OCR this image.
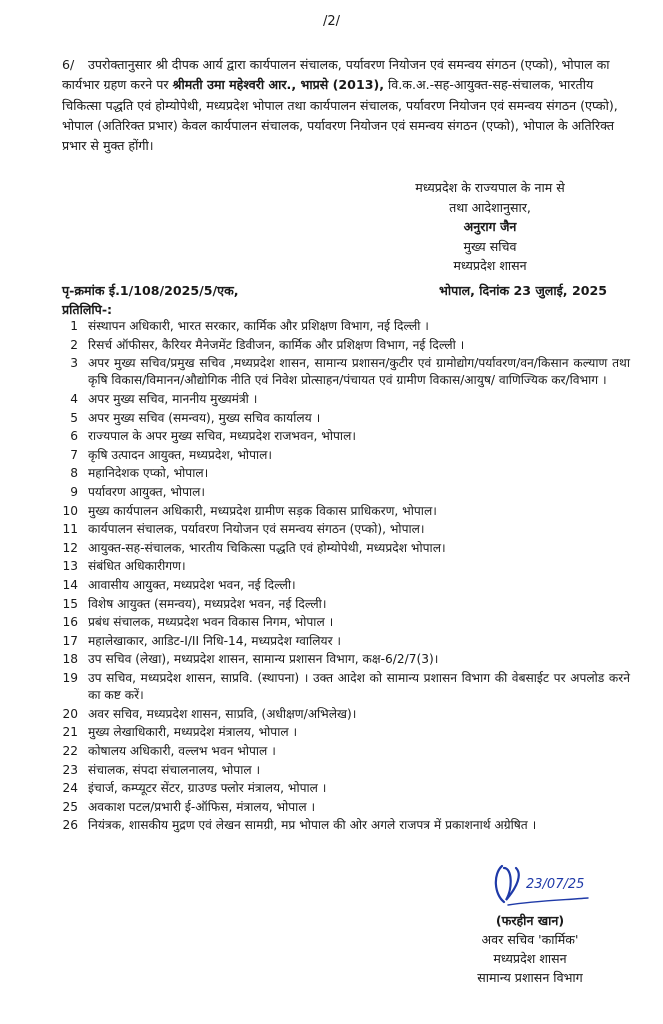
/2/
6/ उपरोक्तानुसार श्री दीपक आर्य द्वारा कार्यपालन संचालक, पर्यावरण नियोजन एवं समन्वय संगठन (एप्को), भोपाल का कार्यभार ग्रहण करने पर श्रीमती उमा महेश्वरी आर., भाप्रसे (2013), वि.क.अ.-सह-आयुक्त-सह-संचालक, भारतीय चिकित्सा पद्धति एवं होम्योपेथी, मध्यप्रदेश भोपाल तथा कार्यपालन संचालक, पर्यावरण नियोजन एवं समन्वय संगठन (एप्को), भोपाल (अतिरिक्त प्रभार) केवल कार्यपालन संचालक, पर्यावरण नियोजन एवं समन्वय संगठन (एप्को), भोपाल के अतिरिक्त प्रभार से मुक्त होंगी।
मध्यप्रदेश के राज्यपाल के नाम से
तथा आदेशानुसार,
अनुराग जैन
मुख्य सचिव
मध्यप्रदेश शासन
पृ-क्रमांक ई.1/108/2025/5/एक,	भोपाल, दिनांक 23 जुलाई, 2025
प्रतिलिपि-:
1 संस्थापन अधिकारी, भारत सरकार, कार्मिक और प्रशिक्षण विभाग, नई दिल्ली ।
2 रिसर्च ऑफीसर, कैरियर मैनेजमेंट डिवीजन, कार्मिक और प्रशिक्षण विभाग, नई दिल्ली ।
3 अपर मुख्य सचिव/प्रमुख सचिव ,मध्यप्रदेश शासन, सामान्य प्रशासन/कुटीर एवं ग्रामोद्योग/पर्यावरण/वन/किसान कल्याण तथा कृषि विकास/विमानन/औद्योगिक नीति एवं निवेश प्रोत्साहन/पंचायत एवं ग्रामीण विकास/आयुष/ वाणिज्यिक कर/विभाग ।
4 अपर मुख्य सचिव, माननीय मुख्यमंत्री ।
5 अपर मुख्य सचिव (समन्वय), मुख्य सचिव कार्यालय ।
6 राज्यपाल के अपर मुख्य सचिव, मध्यप्रदेश राजभवन, भोपाल।
7 कृषि उत्पादन आयुक्त, मध्यप्रदेश, भोपाल।
8 महानिदेशक एप्को, भोपाल।
9 पर्यावरण आयुक्त, भोपाल।
10 मुख्य कार्यपालन अधिकारी, मध्यप्रदेश ग्रामीण सड़क विकास प्राधिकरण, भोपाल।
11 कार्यपालन संचालक, पर्यावरण नियोजन एवं समन्वय संगठन (एप्को), भोपाल।
12 आयुक्त-सह-संचालक, भारतीय चिकित्सा पद्धति एवं होम्योपेथी, मध्यप्रदेश भोपाल।
13 संबंधित अधिकारीगण।
14 आवासीय आयुक्त, मध्यप्रदेश भवन, नई दिल्ली।
15 विशेष आयुक्त (समन्वय), मध्यप्रदेश भवन, नई दिल्ली।
16 प्रबंध संचालक, मध्यप्रदेश भवन विकास निगम, भोपाल ।
17 महालेखाकार, आडिट-I/II निधि-14, मध्यप्रदेश ग्वालियर ।
18 उप सचिव (लेखा), मध्यप्रदेश शासन, सामान्य प्रशासन विभाग, कक्ष-6/2/7(3)।
19 उप सचिव, मध्यप्रदेश शासन, साप्रवि. (स्थापना) । उक्त आदेश को सामान्य प्रशासन विभाग की वेबसाईट पर अपलोड करने का कष्ट करें।
20 अवर सचिव, मध्यप्रदेश शासन, साप्रवि, (अधीक्षण/अभिलेख)।
21 मुख्य लेखाधिकारी, मध्यप्रदेश मंत्रालय, भोपाल ।
22 कोषालय अधिकारी, वल्लभ भवन भोपाल ।
23 संचालक, संपदा संचालनालय, भोपाल ।
24 इंचार्ज, कम्प्यूटर सेंटर, ग्राउण्ड फ्लोर मंत्रालय, भोपाल ।
25 अवकाश पटल/प्रभारी ई-ऑफिस, मंत्रालय, भोपाल ।
26 नियंत्रक, शासकीय मुद्रण एवं लेखन सामग्री, मप्र भोपाल की ओर अगले राजपत्र में प्रकाशनार्थ अग्रेषित ।
23/07/25
(फरहीन खान)
अवर सचिव 'कार्मिक'
मध्यप्रदेश शासन
सामान्य प्रशासन विभाग
